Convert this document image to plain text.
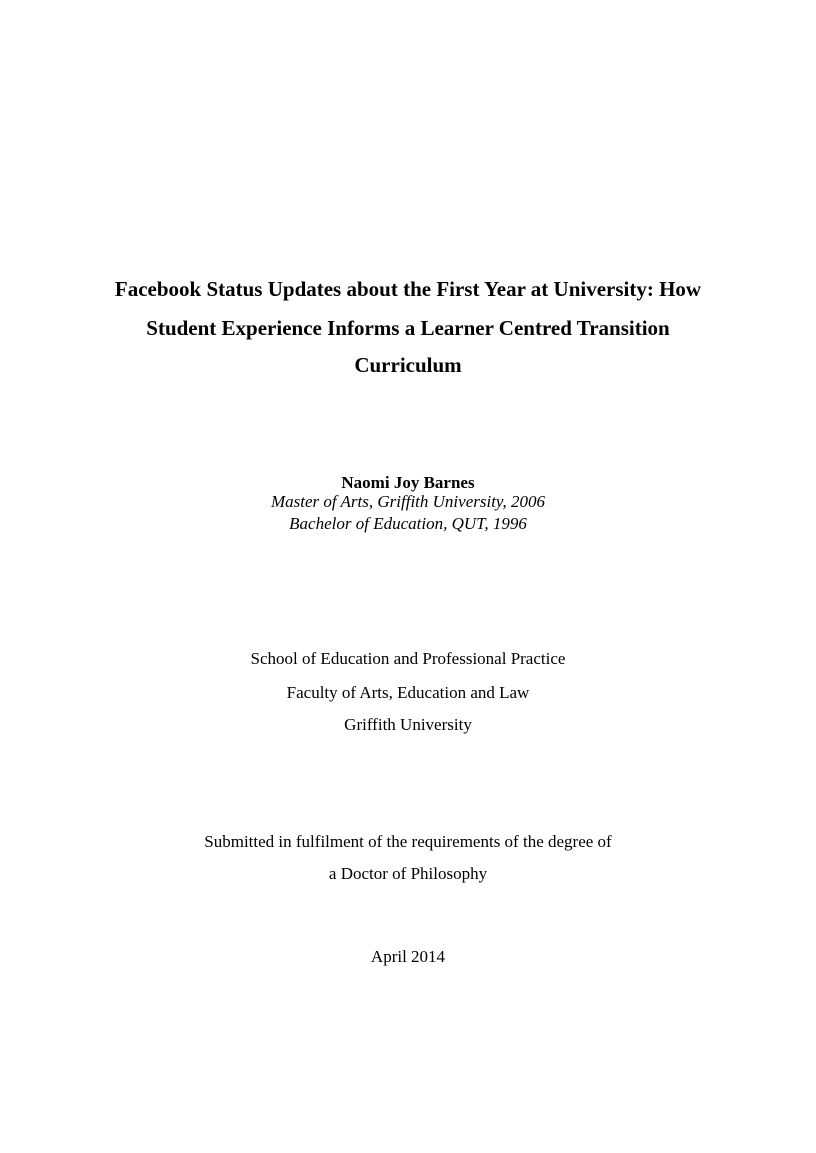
Facebook Status Updates about the First Year at University: How
Student Experience Informs a Learner Centred Transition
Curriculum
Naomi Joy Barnes
Master of Arts, Griffith University, 2006
Bachelor of Education, QUT, 1996
School of Education and Professional Practice
Faculty of Arts, Education and Law
Griffith University
Submitted in fulfilment of the requirements of the degree of
a Doctor of Philosophy
April 2014
